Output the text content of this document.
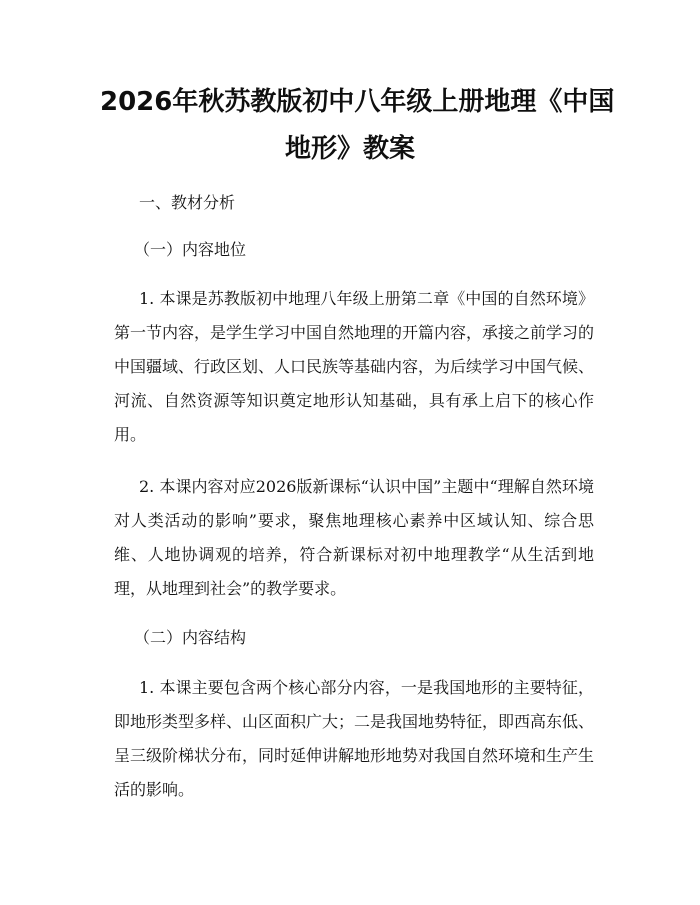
2026年秋苏教版初中八年级上册地理《中国
地形》教案
一、教材分析
（一）内容地位
1. 本课是苏教版初中地理八年级上册第二章《中国的自然环境》第一节内容，是学生学习中国自然地理的开篇内容，承接之前学习的中国疆域、行政区划、人口民族等基础内容，为后续学习中国气候、河流、自然资源等知识奠定地形认知基础，具有承上启下的核心作用。
2. 本课内容对应2026版新课标“认识中国”主题中“理解自然环境对人类活动的影响”要求，聚焦地理核心素养中区域认知、综合思维、人地协调观的培养，符合新课标对初中地理教学“从生活到地理，从地理到社会”的教学要求。
（二）内容结构
1. 本课主要包含两个核心部分内容，一是我国地形的主要特征，即地形类型多样、山区面积广大；二是我国地势特征，即西高东低、呈三级阶梯状分布，同时延伸讲解地形地势对我国自然环境和生产生活的影响。
